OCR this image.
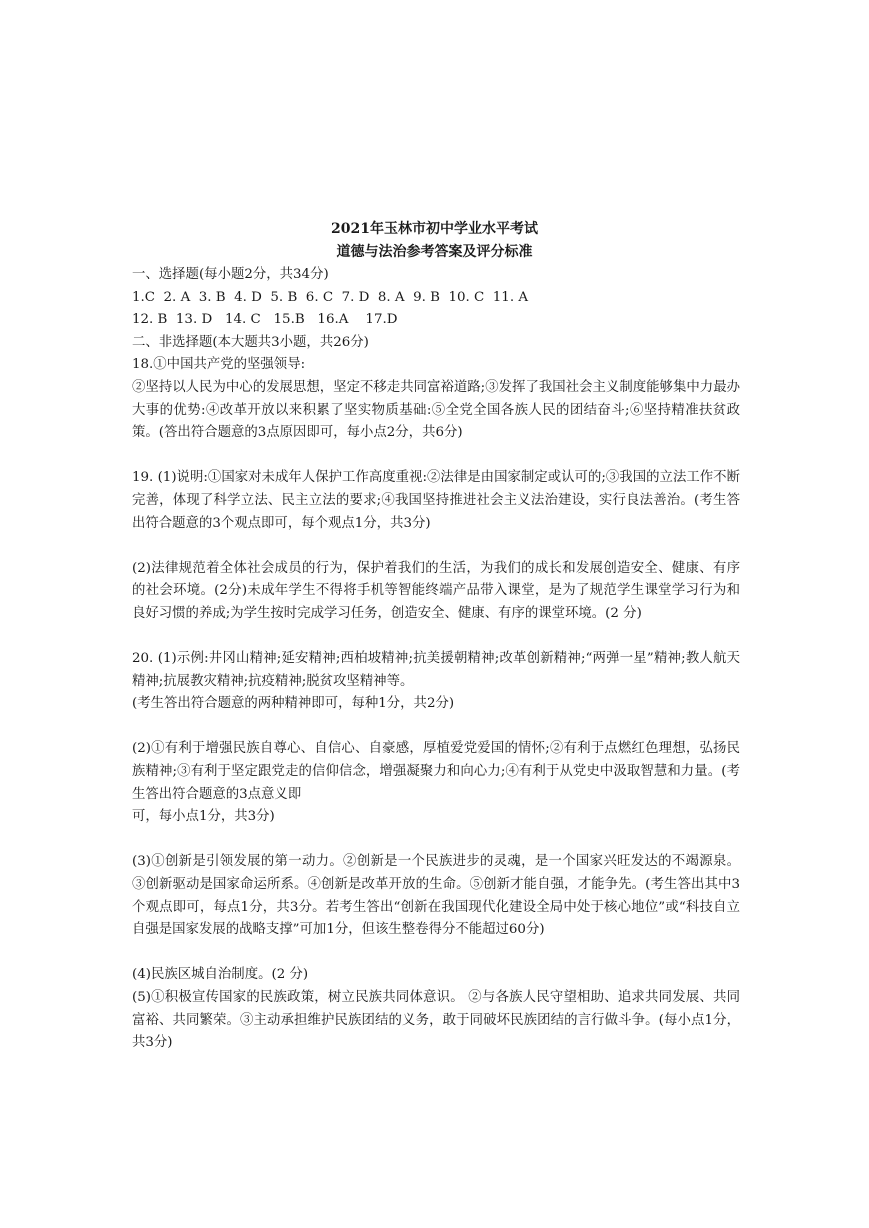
2021年玉林市初中学业水平考试
道德与法治参考答案及评分标准
一、选择题(每小题2分，共34分)
1.C  2. A  3. B  4. D  5. B  6. C  7. D  8. A  9. B  10. C  11. A
12. B  13. D   14. C   15.B   16.A    17.D
二、非选择题(本大题共3小题，共26分)
18.①中国共产党的坚强领导:
②坚持以人民为中心的发展思想，坚定不移走共同富裕道路;③发挥了我国社会主义制度能够集中力最办大事的优势:④改革开放以来积累了坚实物质基础:⑤全党全国各族人民的团结奋斗;⑥坚持精准扶贫政策。(答出符合题意的3点原因即可，每小点2分，共6分)
19. (1)说明:①国家对未成年人保护工作高度重视:②法律是由国家制定或认可的;③我国的立法工作不断完善，体现了科学立法、民主立法的要求;④我国坚持推进社会主义法治建设，实行良法善治。(考生答出符合题意的3个观点即可，每个观点1分，共3分)
(2)法律规范着全体社会成员的行为，保护着我们的生活，为我们的成长和发展创造安全、健康、有序的社会环境。(2分)未成年学生不得将手机等智能终端产品带入课堂，是为了规范学生课堂学习行为和良好习惯的养成;为学生按时完成学习任务，创造安全、健康、有序的课堂环境。(2 分)
20. (1)示例:井冈山精神;延安精神;西柏坡精神;抗美援朝精神;改革创新精神;“两弹一星”精神;教人航天精神;抗展教灾精神;抗疫精神;脱贫攻坚精神等。
(考生答出符合题意的两种精神即可，每种1分，共2分)
(2)①有利于增强民族自尊心、自信心、自豪感，厚植爱党爱国的情怀;②有利于点燃红色理想，弘扬民族精神;③有利于坚定跟党走的信仰信念，增强凝聚力和向心力;④有利于从党史中汲取智慧和力量。(考生答出符合题意的3点意义即
可，每小点1分，共3分)
(3)①创新是引领发展的第一动力。②创新是一个民族进步的灵魂，是一个国家兴旺发达的不竭源泉。③创新驱动是国家命运所系。④创新是改革开放的生命。⑤创新才能自强，才能争先。(考生答出其中3个观点即可，每点1分，共3分。若考生答出“创新在我国现代化建设全局中处于核心地位”或“科技自立自强是国家发展的战略支撑”可加1分，但该生整卷得分不能超过60分)
(4)民族区城自治制度。(2 分)
(5)①积极宣传国家的民族政策，树立民族共同体意识。 ②与各族人民守望相助、追求共同发展、共同富裕、共同繁荣。③主动承担维护民族团结的义务，敢于同破坏民族团结的言行做斗争。(每小点1分，共3分)
